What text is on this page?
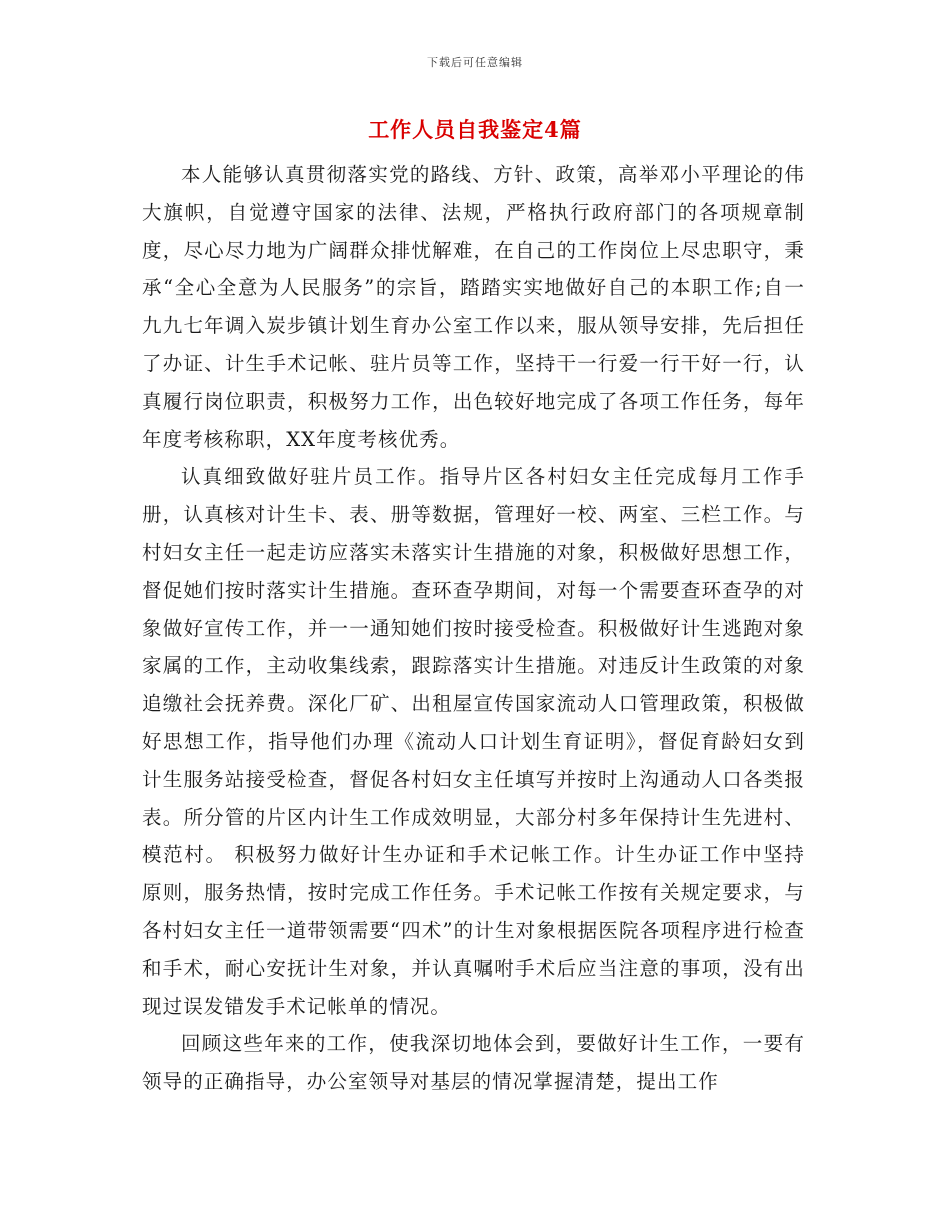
下载后可任意编辑
工作人员自我鉴定4篇

本人能够认真贯彻落实党的路线、方针、政策，高举邓小平理论的伟大旗帜，自觉遵守国家的法律、法规，严格执行政府部门的各项规章制度，尽心尽力地为广阔群众排忧解难，在自己的工作岗位上尽忠职守，秉承“全心全意为人民服务”的宗旨，踏踏实实地做好自己的本职工作;自一九九七年调入炭步镇计划生育办公室工作以来，服从领导安排，先后担任了办证、计生手术记帐、驻片员等工作，坚持干一行爱一行干好一行，认真履行岗位职责，积极努力工作，出色较好地完成了各项工作任务，每年年度考核称职，XX年度考核优秀。

认真细致做好驻片员工作。指导片区各村妇女主任完成每月工作手册，认真核对计生卡、表、册等数据，管理好一校、两室、三栏工作。与村妇女主任一起走访应落实未落实计生措施的对象，积极做好思想工作，督促她们按时落实计生措施。查环查孕期间，对每一个需要查环查孕的对象做好宣传工作，并一一通知她们按时接受检查。积极做好计生逃跑对象家属的工作，主动收集线索，跟踪落实计生措施。对违反计生政策的对象追缴社会抚养费。深化厂矿、出租屋宣传国家流动人口管理政策，积极做好思想工作，指导他们办理《流动人口计划生育证明》，督促育龄妇女到计生服务站接受检查，督促各村妇女主任填写并按时上沟通动人口各类报表。所分管的片区内计生工作成效明显，大部分村多年保持计生先进村、模范村。 积极努力做好计生办证和手术记帐工作。计生办证工作中坚持原则，服务热情，按时完成工作任务。手术记帐工作按有关规定要求，与各村妇女主任一道带领需要“四术”的计生对象根据医院各项程序进行检查和手术，耐心安抚计生对象，并认真嘱咐手术后应当注意的事项，没有出现过误发错发手术记帐单的情况。

回顾这些年来的工作，使我深切地体会到，要做好计生工作，一要有领导的正确指导，办公室领导对基层的情况掌握清楚，提出工作
